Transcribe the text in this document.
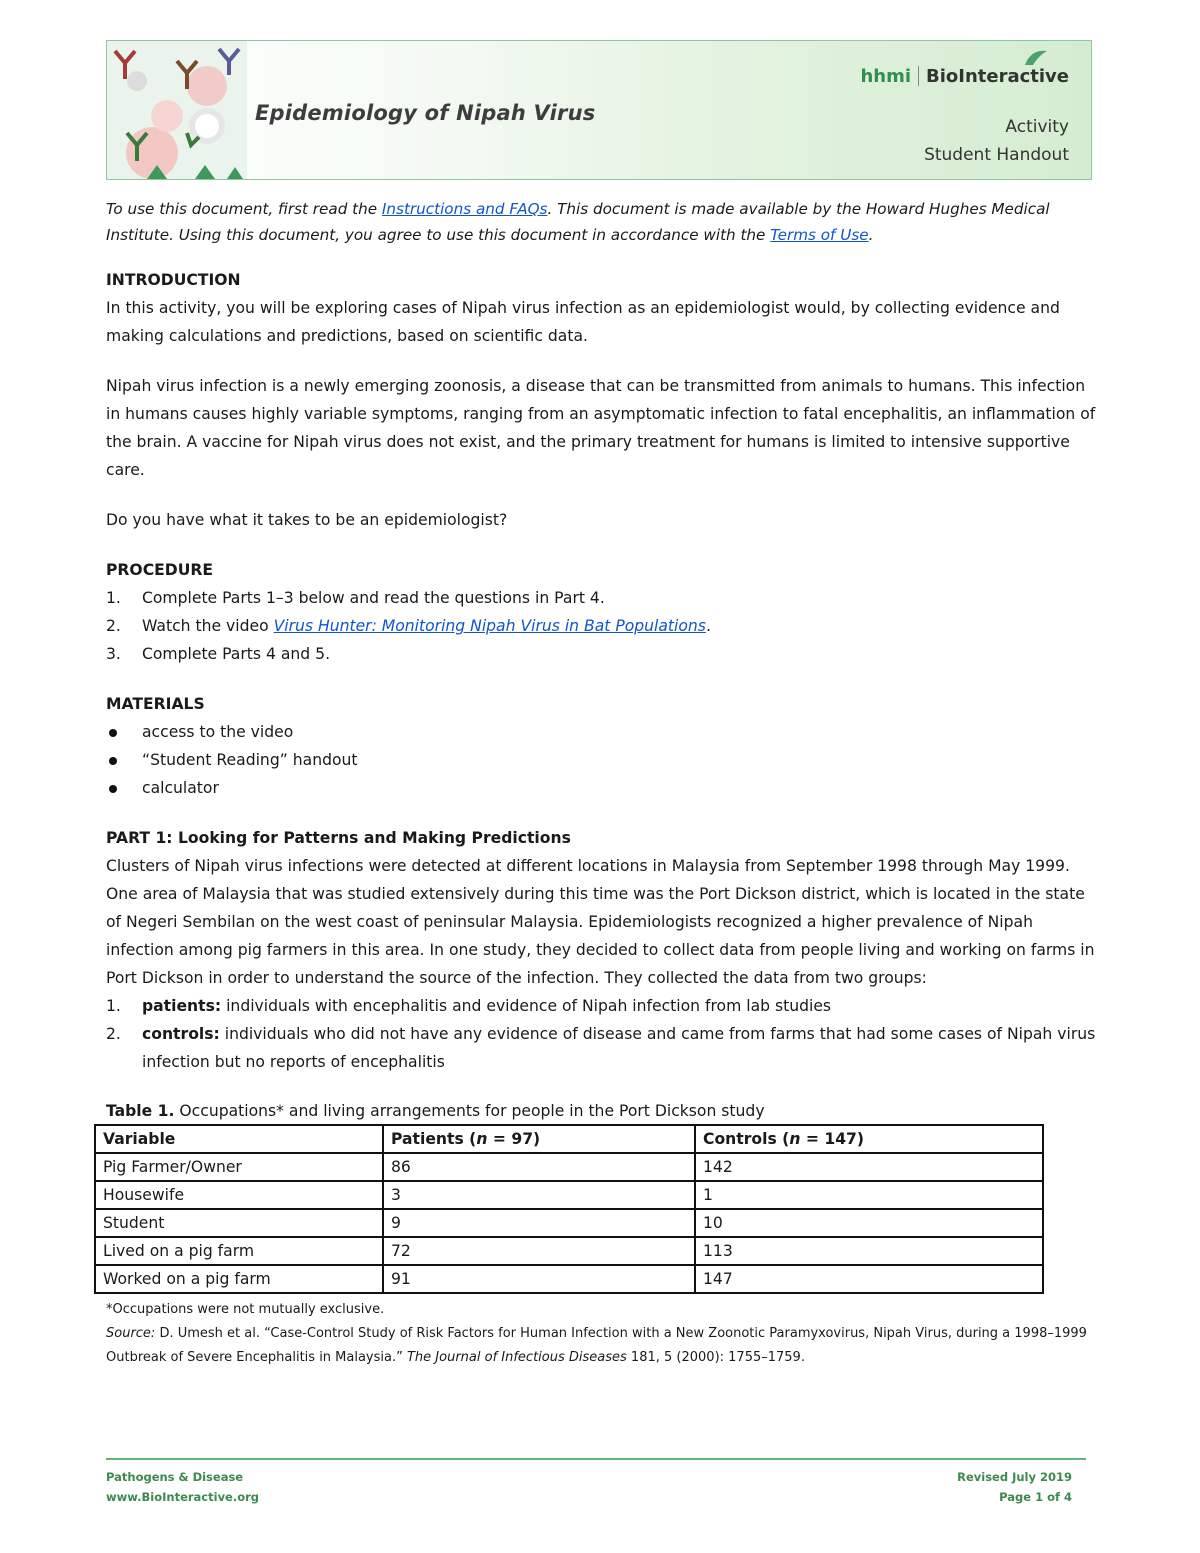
Epidemiology of Nipah Virus
hhmi BioInteractive
Activity
Student Handout

To use this document, first read the Instructions and FAQs. This document is made available by the Howard Hughes Medical Institute. Using this document, you agree to use this document in accordance with the Terms of Use.

INTRODUCTION

In this activity, you will be exploring cases of Nipah virus infection as an epidemiologist would, by collecting evidence and making calculations and predictions, based on scientific data.

Nipah virus infection is a newly emerging zoonosis, a disease that can be transmitted from animals to humans. This infection in humans causes highly variable symptoms, ranging from an asymptomatic infection to fatal encephalitis, an inflammation of the brain. A vaccine for Nipah virus does not exist, and the primary treatment for humans is limited to intensive supportive care.

Do you have what it takes to be an epidemiologist?

PROCEDURE

1. Complete Parts 1–3 below and read the questions in Part 4.
2. Watch the video Virus Hunter: Monitoring Nipah Virus in Bat Populations.
3. Complete Parts 4 and 5.

MATERIALS

access to the video
“Student Reading” handout
calculator

PART 1: Looking for Patterns and Making Predictions

Clusters of Nipah virus infections were detected at different locations in Malaysia from September 1998 through May 1999. One area of Malaysia that was studied extensively during this time was the Port Dickson district, which is located in the state of Negeri Sembilan on the west coast of peninsular Malaysia. Epidemiologists recognized a higher prevalence of Nipah infection among pig farmers in this area. In one study, they decided to collect data from people living and working on farms in Port Dickson in order to understand the source of the infection. They collected the data from two groups:

1. patients: individuals with encephalitis and evidence of Nipah infection from lab studies
2. controls: individuals who did not have any evidence of disease and came from farms that had some cases of Nipah virus infection but no reports of encephalitis

Table 1. Occupations* and living arrangements for people in the Port Dickson study

Variable	Patients (n = 97)	Controls (n = 147)
Pig Farmer/Owner	86	142
Housewife	3	1
Student	9	10
Lived on a pig farm	72	113
Worked on a pig farm	91	147

*Occupations were not mutually exclusive.
Source: D. Umesh et al. “Case-Control Study of Risk Factors for Human Infection with a New Zoonotic Paramyxovirus, Nipah Virus, during a 1998–1999 Outbreak of Severe Encephalitis in Malaysia.” The Journal of Infectious Diseases 181, 5 (2000): 1755–1759.

Pathogens & Disease
www.BioInteractive.org
Revised July 2019
Page 1 of 4
